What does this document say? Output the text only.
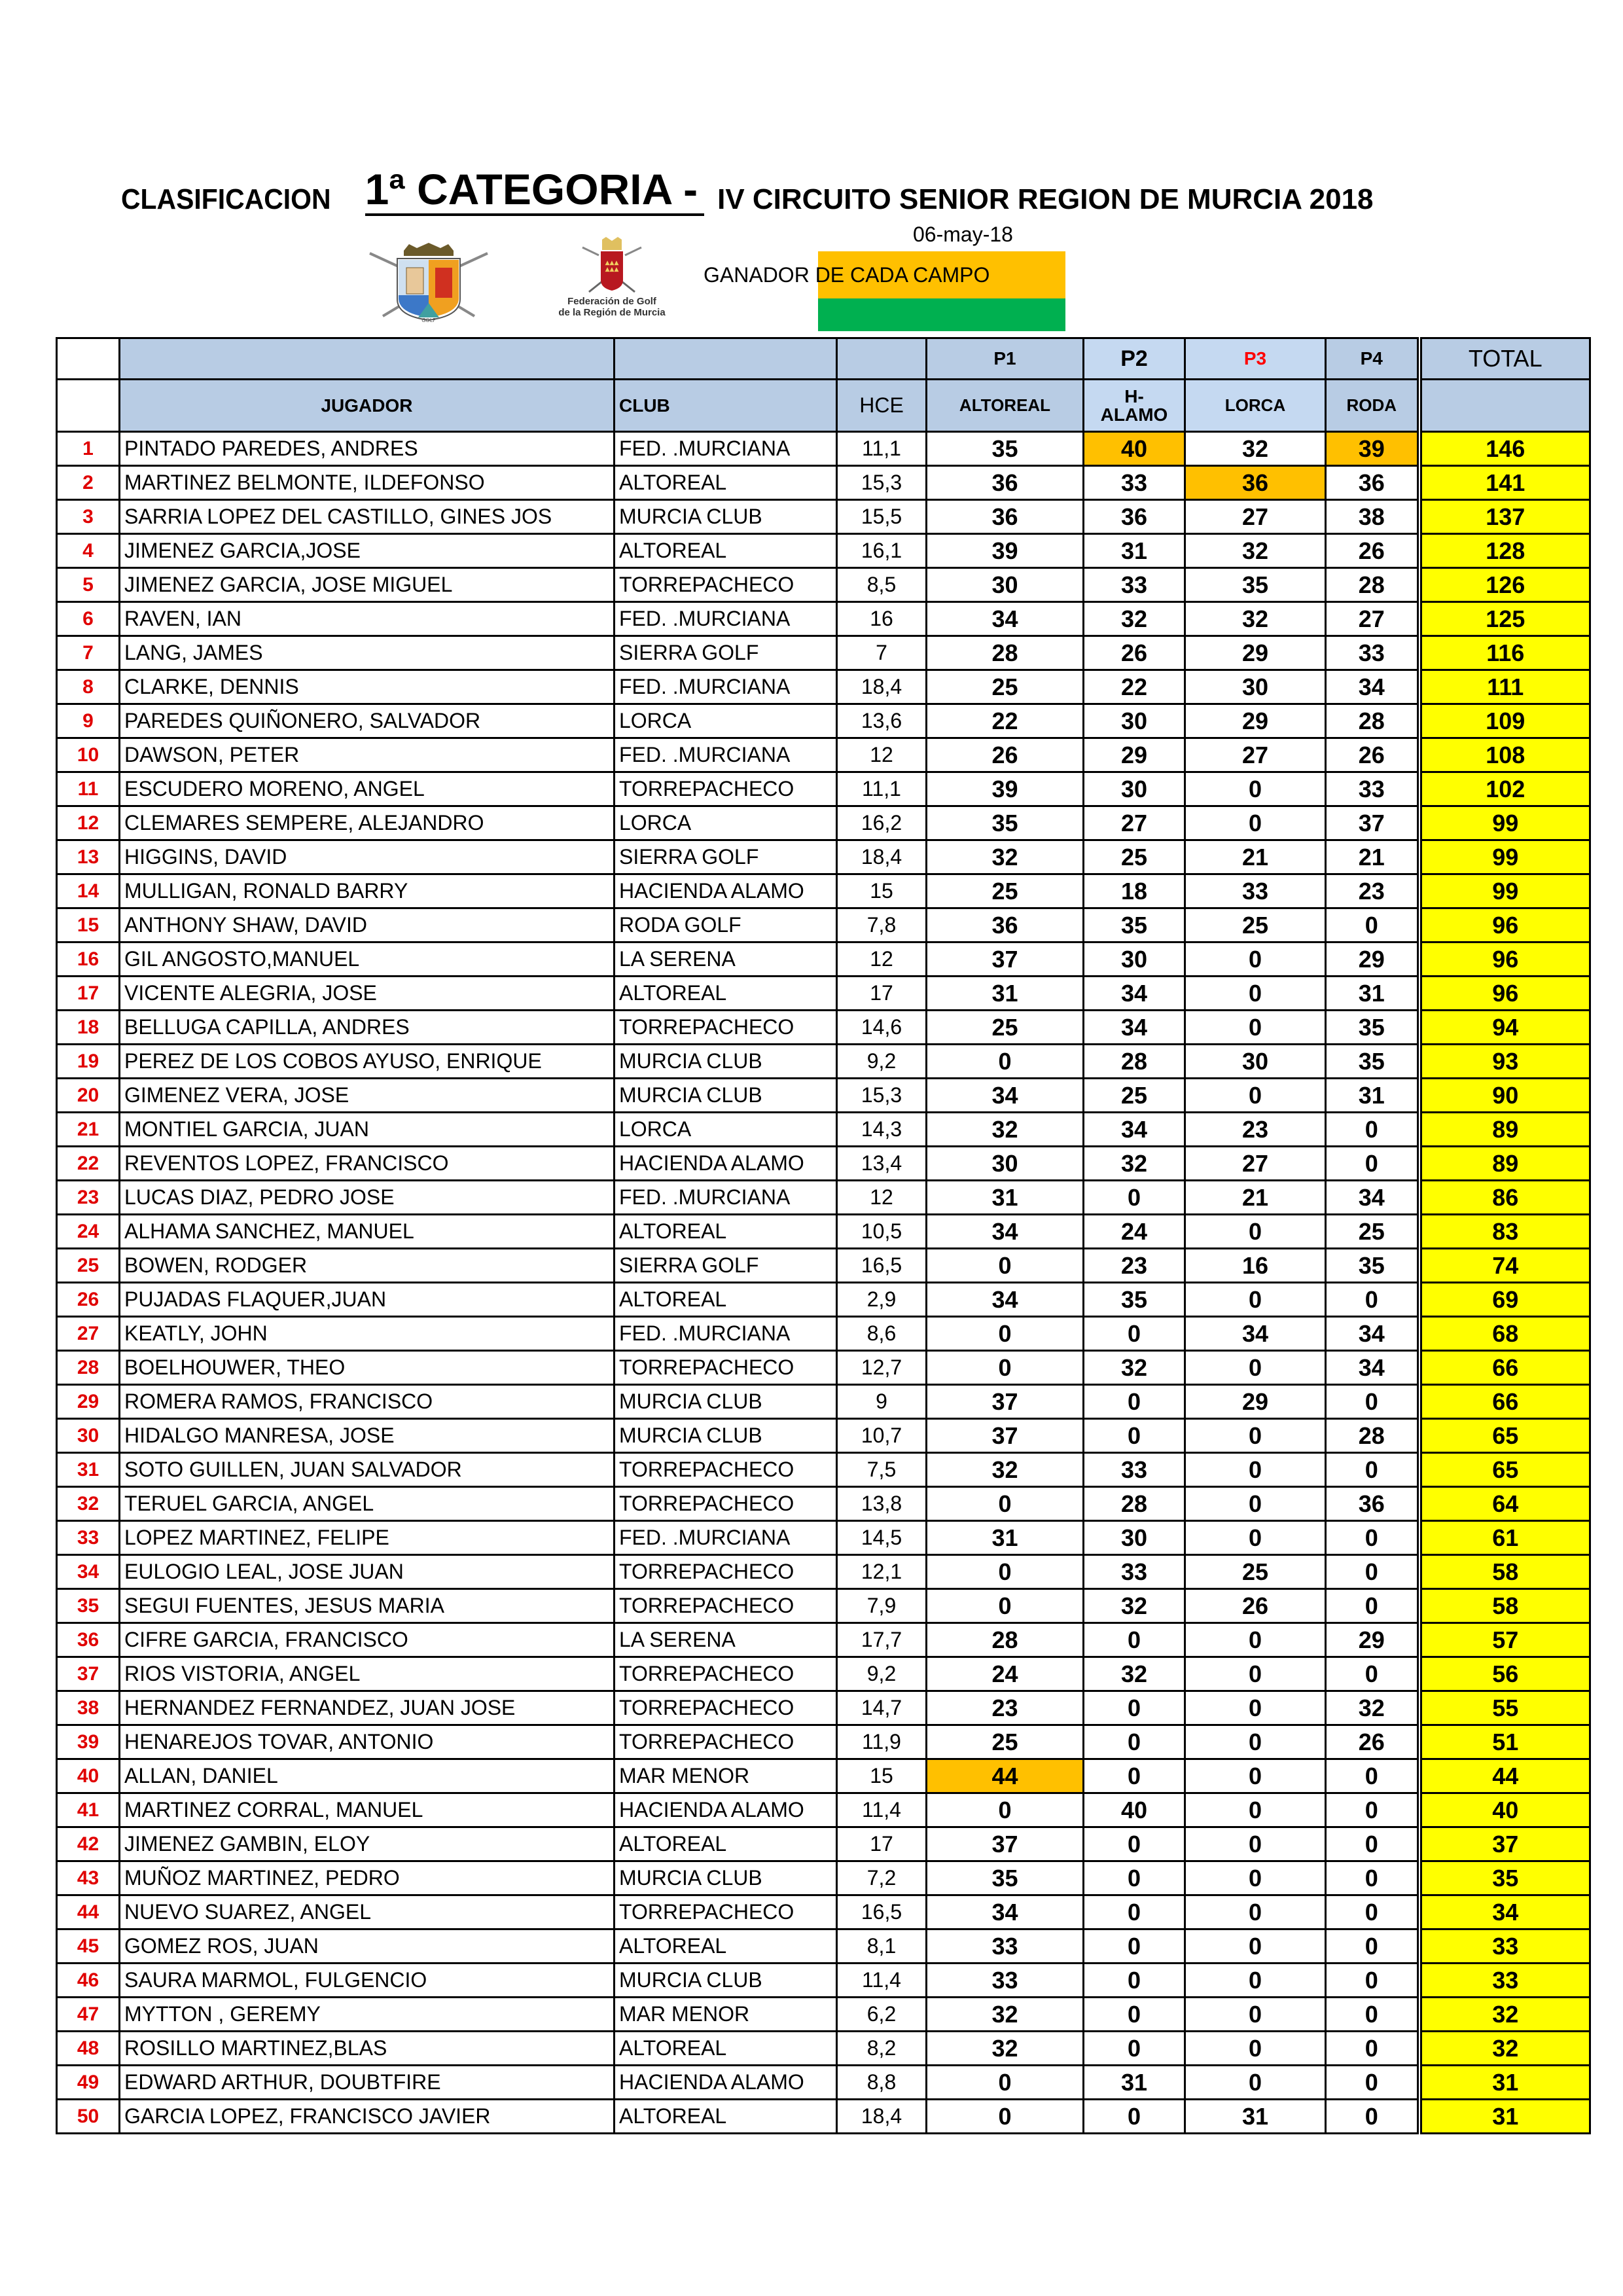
CLASIFICACION 1ª CATEGORIA - IV CIRCUITO SENIOR REGION DE MURCIA 2018
GOLF
▲▲▲
▲▲▲
Federación de Golf
de la Región de Murcia
06-may-18
GANADOR DE CADA CAMPO
				P1	P2	P3	P4	TOTAL
	JUGADOR	CLUB	HCE	ALTOREAL	H-
ALAMO	LORCA	RODA	
1	PINTADO PAREDES, ANDRES	FED. .MURCIANA	11,1	35	40	32	39	146
2	MARTINEZ BELMONTE, ILDEFONSO	ALTOREAL	15,3	36	33	36	36	141
3	SARRIA LOPEZ DEL CASTILLO, GINES JOS	MURCIA CLUB	15,5	36	36	27	38	137
4	JIMENEZ GARCIA,JOSE	ALTOREAL	16,1	39	31	32	26	128
5	JIMENEZ GARCIA, JOSE MIGUEL	TORREPACHECO	8,5	30	33	35	28	126
6	RAVEN, IAN	FED. .MURCIANA	16	34	32	32	27	125
7	LANG, JAMES	SIERRA GOLF	7	28	26	29	33	116
8	CLARKE, DENNIS	FED. .MURCIANA	18,4	25	22	30	34	111
9	PAREDES QUIÑONERO, SALVADOR	LORCA	13,6	22	30	29	28	109
10	DAWSON, PETER	FED. .MURCIANA	12	26	29	27	26	108
11	ESCUDERO MORENO, ANGEL	TORREPACHECO	11,1	39	30	0	33	102
12	CLEMARES SEMPERE, ALEJANDRO	LORCA	16,2	35	27	0	37	99
13	HIGGINS, DAVID	SIERRA GOLF	18,4	32	25	21	21	99
14	MULLIGAN, RONALD BARRY	HACIENDA ALAMO	15	25	18	33	23	99
15	ANTHONY SHAW, DAVID	RODA GOLF	7,8	36	35	25	0	96
16	GIL ANGOSTO,MANUEL	LA SERENA	12	37	30	0	29	96
17	VICENTE ALEGRIA, JOSE	ALTOREAL	17	31	34	0	31	96
18	BELLUGA CAPILLA, ANDRES	TORREPACHECO	14,6	25	34	0	35	94
19	PEREZ DE LOS COBOS AYUSO, ENRIQUE	MURCIA CLUB	9,2	0	28	30	35	93
20	GIMENEZ VERA, JOSE	MURCIA CLUB	15,3	34	25	0	31	90
21	MONTIEL GARCIA, JUAN	LORCA	14,3	32	34	23	0	89
22	REVENTOS LOPEZ, FRANCISCO	HACIENDA ALAMO	13,4	30	32	27	0	89
23	LUCAS DIAZ, PEDRO JOSE	FED. .MURCIANA	12	31	0	21	34	86
24	ALHAMA SANCHEZ, MANUEL	ALTOREAL	10,5	34	24	0	25	83
25	BOWEN, RODGER	SIERRA GOLF	16,5	0	23	16	35	74
26	PUJADAS FLAQUER,JUAN	ALTOREAL	2,9	34	35	0	0	69
27	KEATLY, JOHN	FED. .MURCIANA	8,6	0	0	34	34	68
28	BOELHOUWER, THEO	TORREPACHECO	12,7	0	32	0	34	66
29	ROMERA RAMOS, FRANCISCO	MURCIA CLUB	9	37	0	29	0	66
30	HIDALGO MANRESA, JOSE	MURCIA CLUB	10,7	37	0	0	28	65
31	SOTO GUILLEN, JUAN SALVADOR	TORREPACHECO	7,5	32	33	0	0	65
32	TERUEL GARCIA, ANGEL	TORREPACHECO	13,8	0	28	0	36	64
33	LOPEZ MARTINEZ, FELIPE	FED. .MURCIANA	14,5	31	30	0	0	61
34	EULOGIO LEAL, JOSE JUAN	TORREPACHECO	12,1	0	33	25	0	58
35	SEGUI FUENTES, JESUS MARIA	TORREPACHECO	7,9	0	32	26	0	58
36	CIFRE GARCIA, FRANCISCO	LA SERENA	17,7	28	0	0	29	57
37	RIOS VISTORIA, ANGEL	TORREPACHECO	9,2	24	32	0	0	56
38	HERNANDEZ FERNANDEZ, JUAN JOSE	TORREPACHECO	14,7	23	0	0	32	55
39	HENAREJOS TOVAR, ANTONIO	TORREPACHECO	11,9	25	0	0	26	51
40	ALLAN, DANIEL	MAR MENOR	15	44	0	0	0	44
41	MARTINEZ CORRAL, MANUEL	HACIENDA ALAMO	11,4	0	40	0	0	40
42	JIMENEZ GAMBIN, ELOY	ALTOREAL	17	37	0	0	0	37
43	MUÑOZ MARTINEZ, PEDRO	MURCIA CLUB	7,2	35	0	0	0	35
44	NUEVO SUAREZ, ANGEL	TORREPACHECO	16,5	34	0	0	0	34
45	GOMEZ ROS, JUAN	ALTOREAL	8,1	33	0	0	0	33
46	SAURA MARMOL, FULGENCIO	MURCIA CLUB	11,4	33	0	0	0	33
47	MYTTON , GEREMY	MAR MENOR	6,2	32	0	0	0	32
48	ROSILLO MARTINEZ,BLAS	ALTOREAL	8,2	32	0	0	0	32
49	EDWARD ARTHUR, DOUBTFIRE	HACIENDA ALAMO	8,8	0	31	0	0	31
50	GARCIA LOPEZ, FRANCISCO JAVIER	ALTOREAL	18,4	0	0	31	0	31
